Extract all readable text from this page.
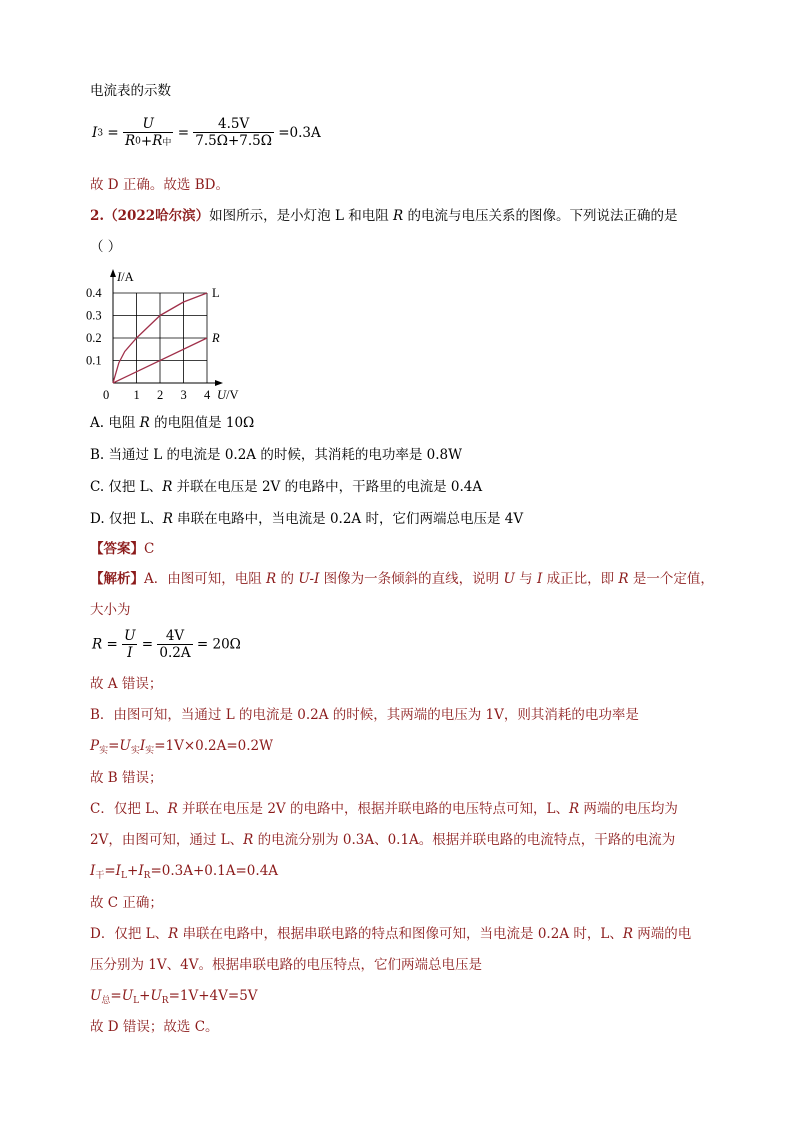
电流表的示数
I3 =
U
R0+R中
= $\frac{4.5V}{7.5\Omega+7.5\Omega} =0.3A$
故 D 正确。故选 BD。
2.（2022哈尔滨）如图所示，是小灯泡 L 和电阻 R 的电流与电压关系的图像。下列说法正确的是
（ ）
L
R
0 1 2 3 4
0.1
0.2
0.3
0.4
I/A
U/V
A. 电阻 R 的电阻值是 10Ω
B. 当通过 L 的电流是 0.2A 的时候，其消耗的电功率是 0.8W
C. 仅把 L、R 并联在电压是 2V 的电路中，干路里的电流是 0.4A
D. 仅把 L、R 串联在电路中，当电流是 0.2A 时，它们两端总电压是 4V
【答案】C
【解析】A．由图可知，电阻 R 的 U-I 图像为一条倾斜的直线，说明 U 与 I 成正比，即 R 是一个定值，
大小为
$R = \frac{U}{I} = \frac{4V}{0.2A} = 20\Omega$
故 A 错误；
B．由图可知，当通过 L 的电流是 0.2A 的时候，其两端的电压为 1V，则其消耗的电功率是
$P_实=U_实I_实=1V\times 0.2A=0.2W$
故 B 错误；
C．仅把 L、R 并联在电压是 2V 的电路中，根据并联电路的电压特点可知，L、R 两端的电压均为
2V，由图可知，通过 L、R 的电流分别为 0.3A、0.1A。根据并联电路的电流特点，干路的电流为
$I_干=I_L+I_R=0.3A+0.1A=0.4A$
故 C 正确；
D．仅把 L、R 串联在电路中，根据串联电路的特点和图像可知，当电流是 0.2A 时，L、R 两端的电
压分别为 1V、4V。根据串联电路的电压特点，它们两端总电压是
$U_总=U_L+U_R=1V+4V=5V$
故 D 错误；故选 C。
